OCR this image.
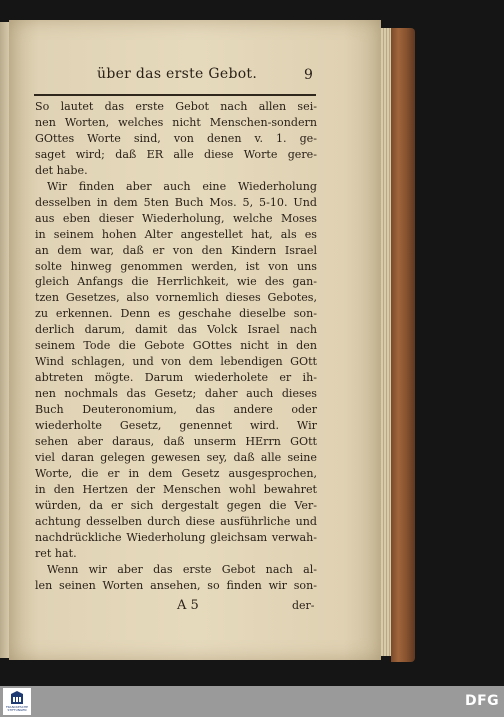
über das erste Gebot.	9
So lautet das erste Gebot nach allen sei-
nen Worten, welches nicht Menschen-sondern
GOttes Worte sind, von denen v. 1. ge-
saget wird; daß ER alle diese Worte gere-
det habe.
Wir finden aber auch eine Wiederholung
desselben in dem 5ten Buch Mos. 5, 5-10. Und
aus eben dieser Wiederholung, welche Moses
in seinem hohen Alter angestellet hat, als es
an dem war, daß er von den Kindern Israel
solte hinweg genommen werden, ist von uns
gleich Anfangs die Herrlichkeit, wie des gan-
tzen Gesetzes, also vornemlich dieses Gebotes,
zu erkennen. Denn es geschahe dieselbe son-
derlich darum, damit das Volck Israel nach
seinem Tode die Gebote GOttes nicht in den
Wind schlagen, und von dem lebendigen GOtt
abtreten mögte. Darum wiederholete er ih-
nen nochmals das Gesetz; daher auch dieses
Buch Deuteronomium, das andere oder
wiederholte Gesetz, genennet wird. Wir
sehen aber daraus, daß unserm HErrn GOtt
viel daran gelegen gewesen sey, daß alle seine
Worte, die er in dem Gesetz ausgesprochen,
in den Hertzen der Menschen wohl bewahret
würden, da er sich dergestalt gegen die Ver-
achtung desselben durch diese ausführliche und
nachdrückliche Wiederholung gleichsam verwah-
ret hat.
Wenn wir aber das erste Gebot nach al-
len seinen Worten ansehen, so finden wir son-
A 5	der-
FRANCKESCHE STIFTUNGEN
DFG
